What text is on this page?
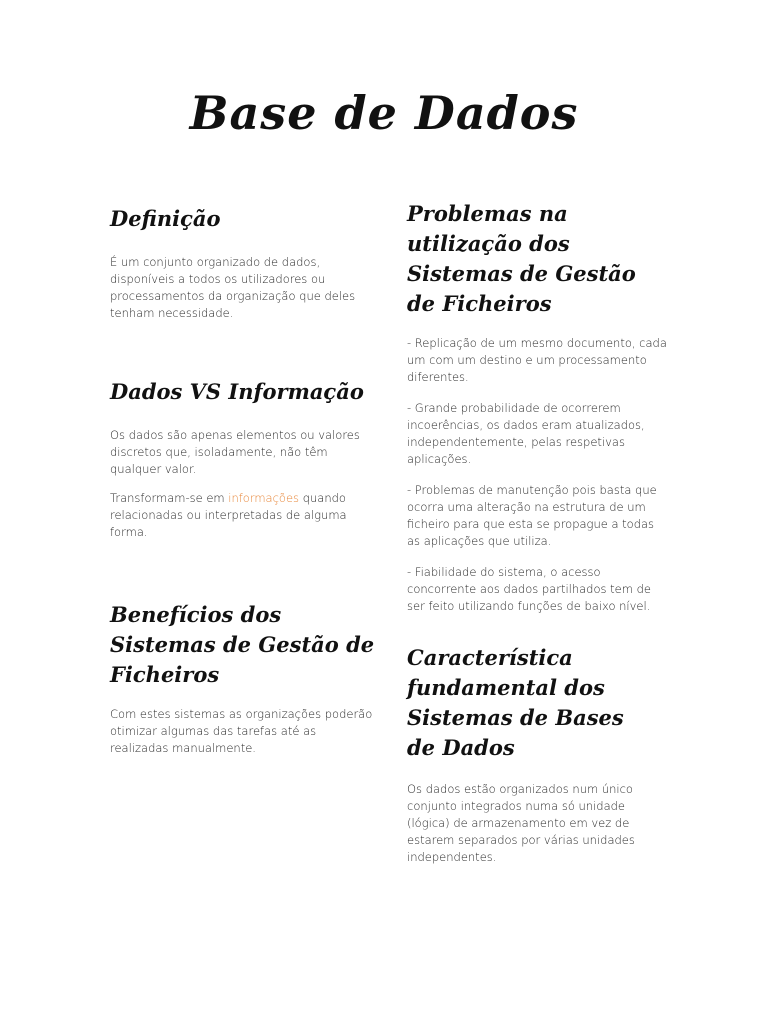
Base de Dados
Definição

É um conjunto organizado de dados, disponíveis a todos os utilizadores ou processamentos da organização que deles tenham necessidade.

Dados VS Informação

Os dados são apenas elementos ou valores discretos que, isoladamente, não têm qualquer valor.

Transformam-se em informações quando relacionadas ou interpretadas de alguma forma.

Benefícios dos Sistemas de Gestão de Ficheiros

Com estes sistemas as organizações poderão otimizar algumas das tarefas até as realizadas manualmente.

Problemas na utilização dos Sistemas de Gestão de Ficheiros

- Replicação de um mesmo documento, cada um com um destino e um processamento diferentes.

- Grande probabilidade de ocorrerem incoerências, os dados eram atualizados, independentemente, pelas respetivas aplicações.

- Problemas de manutenção pois basta que ocorra uma alteração na estrutura de um ficheiro para que esta se propague a todas as aplicações que utiliza.

- Fiabilidade do sistema, o acesso concorrente aos dados partilhados tem de ser feito utilizando funções de baixo nível.

Característica fundamental dos Sistemas de Bases de Dados

Os dados estão organizados num único conjunto integrados numa só unidade (lógica) de armazenamento em vez de estarem separados por várias unidades independentes.
